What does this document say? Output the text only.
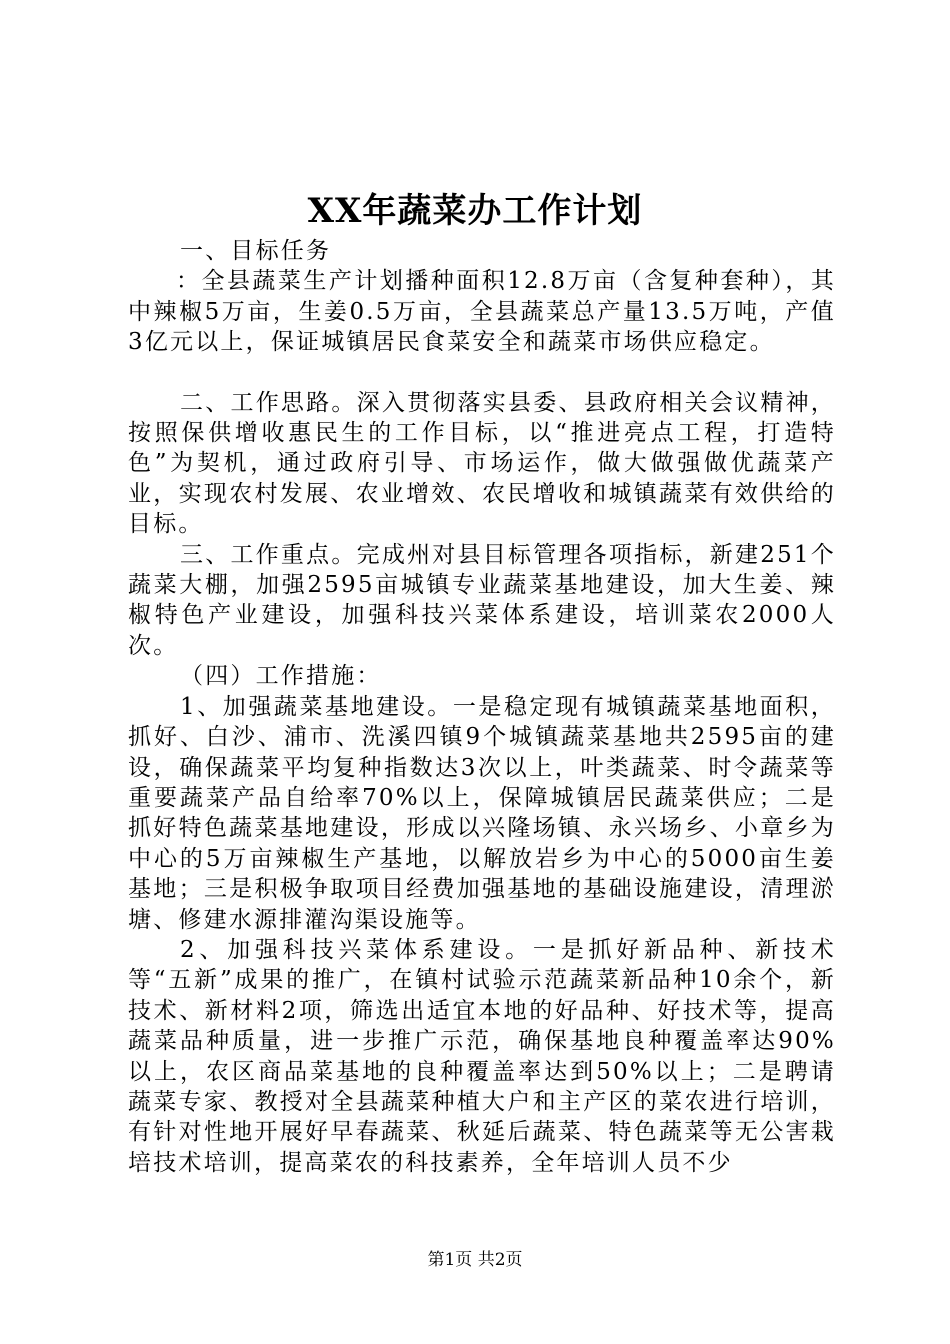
XX年蔬菜办工作计划

一、目标任务

：全县蔬菜生产计划播种面积12.8万亩（含复种套种），其中辣椒5万亩，生姜0.5万亩，全县蔬菜总产量13.5万吨，产值3亿元以上，保证城镇居民食菜安全和蔬菜市场供应稳定。

二、工作思路。深入贯彻落实县委、县政府相关会议精神，按照保供增收惠民生的工作目标，以“推进亮点工程，打造特色”为契机，通过政府引导、市场运作，做大做强做优蔬菜产业，实现农村发展、农业增效、农民增收和城镇蔬菜有效供给的目标。

三、工作重点。完成州对县目标管理各项指标，新建251个蔬菜大棚，加强2595亩城镇专业蔬菜基地建设，加大生姜、辣椒特色产业建设，加强科技兴菜体系建设，培训菜农2000人次。

（四）工作措施：

1、加强蔬菜基地建设。一是稳定现有城镇蔬菜基地面积，抓好、白沙、浦市、洗溪四镇9个城镇蔬菜基地共2595亩的建设，确保蔬菜平均复种指数达3次以上，叶类蔬菜、时令蔬菜等重要蔬菜产品自给率70%以上，保障城镇居民蔬菜供应；二是抓好特色蔬菜基地建设，形成以兴隆场镇、永兴场乡、小章乡为中心的5万亩辣椒生产基地，以解放岩乡为中心的5000亩生姜基地；三是积极争取项目经费加强基地的基础设施建设，清理淤塘、修建水源排灌沟渠设施等。

2、加强科技兴菜体系建设。一是抓好新品种、新技术等“五新”成果的推广，在镇村试验示范蔬菜新品种10余个，新技术、新材料2项，筛选出适宜本地的好品种、好技术等，提高蔬菜品种质量，进一步推广示范，确保基地良种覆盖率达90%以上，农区商品菜基地的良种覆盖率达到50%以上；二是聘请蔬菜专家、教授对全县蔬菜种植大户和主产区的菜农进行培训，有针对性地开展好早春蔬菜、秋延后蔬菜、特色蔬菜等无公害栽培技术培训，提高菜农的科技素养，全年培训人员不少

第1页 共2页
